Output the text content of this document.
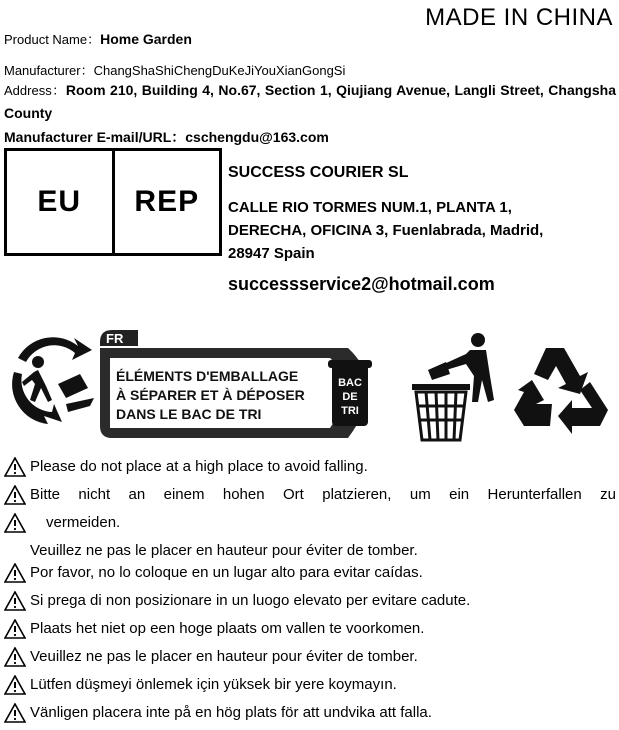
MADE IN CHINA
Product Name：Home Garden
Manufacturer：ChangShaShiChengDuKeJiYouXianGongSi
Address：Room 210, Building 4, No.67, Section 1, Qiujiang Avenue, Langli Street, Changsha County
Manufacturer E-mail/URL：cschengdu@163.com
EU	REP
SUCCESS COURIER SL
CALLE RIO TORMES NUM.1, PLANTA 1,
DERECHA, OFICINA 3, Fuenlabrada, Madrid,
28947 Spain
successservice2@hotmail.com
FR
ÉLÉMENTS D'EMBALLAGE
À SÉPARER ET À DÉPOSER
DANS LE BAC DE TRI
BAC
DE
TRI
Please do not place at a high place to avoid falling.
Bitte nicht an einem hohen Ort platzieren, um ein Herunterfallen zu
vermeiden.
Veuillez ne pas le placer en hauteur pour éviter de tomber.
Por favor, no lo coloque en un lugar alto para evitar caídas.
Si prega di non posizionare in un luogo elevato per evitare cadute.
Plaats het niet op een hoge plaats om vallen te voorkomen.
Veuillez ne pas le placer en hauteur pour éviter de tomber.
Lütfen düşmeyi önlemek için yüksek bir yere koymayın.
Vänligen placera inte på en hög plats för att undvika att falla.
